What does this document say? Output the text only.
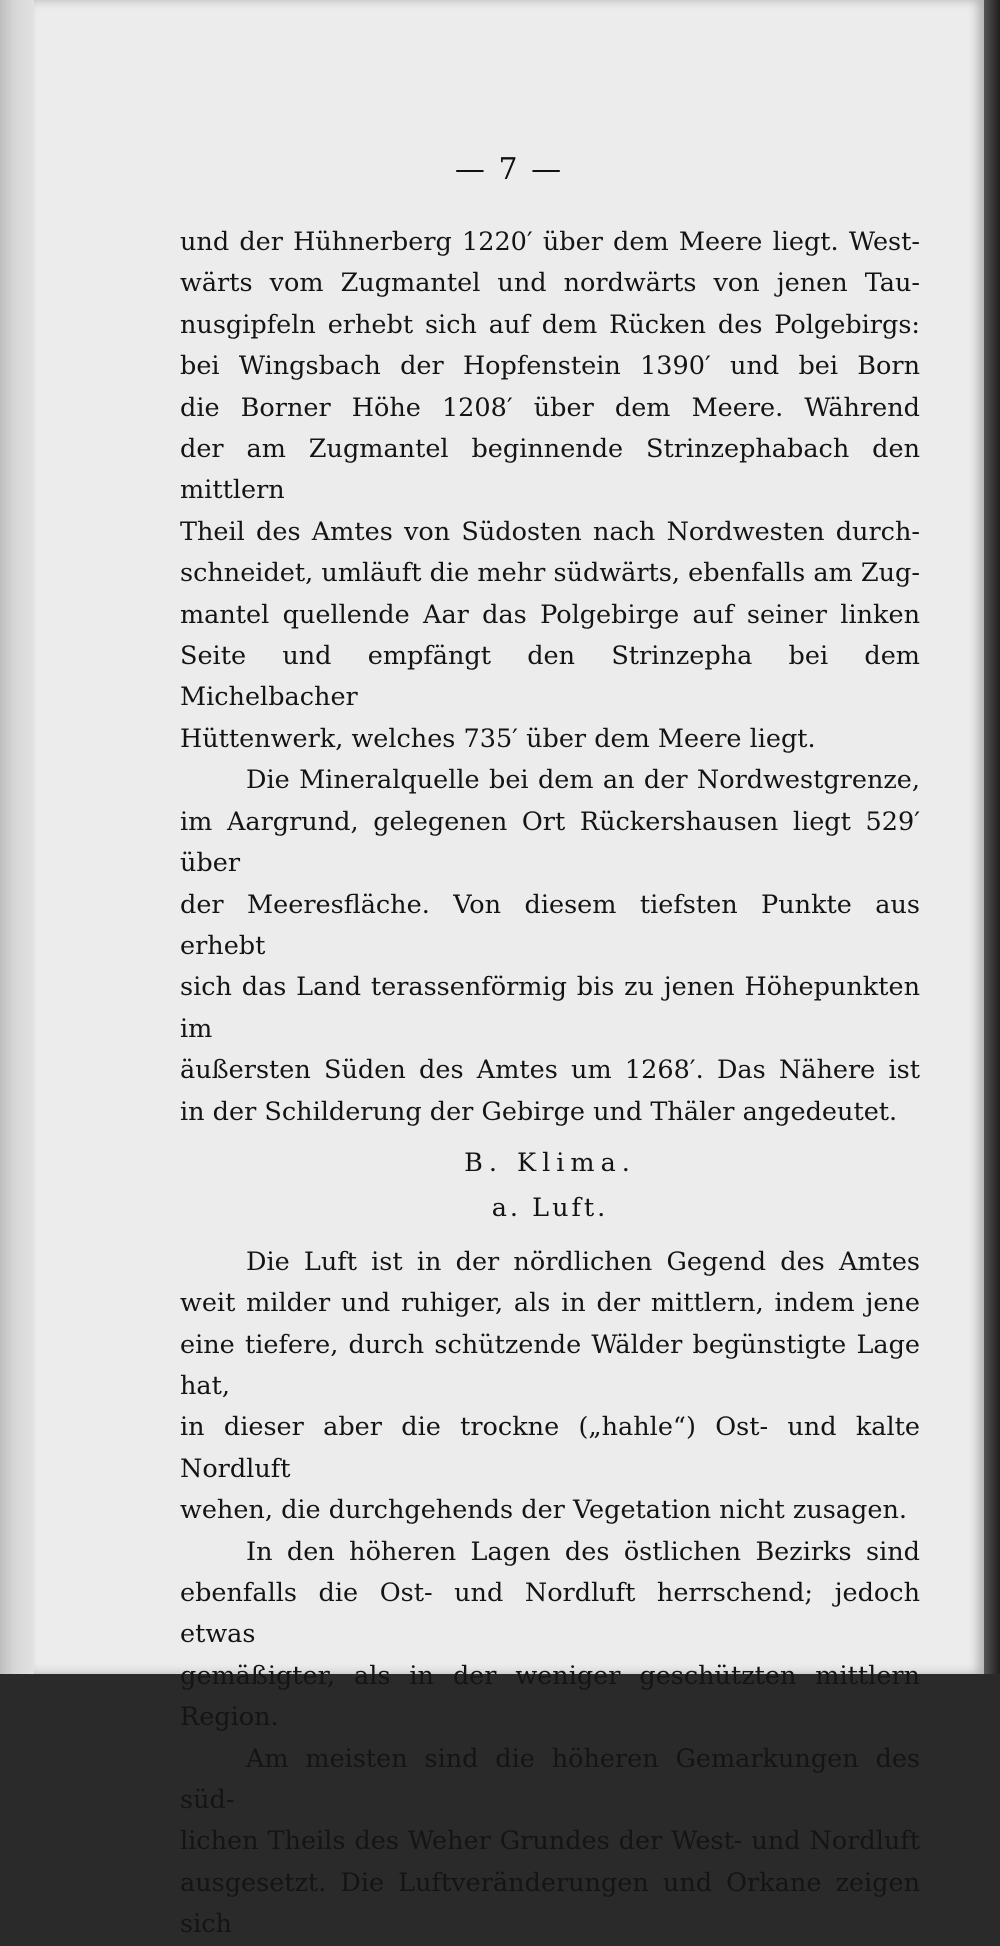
— 7 —

und der Hühnerberg 1220′ über dem Meere liegt. West-

wärts vom Zugmantel und nordwärts von jenen Tau-

nusgipfeln erhebt sich auf dem Rücken des Polgebirgs:

bei Wingsbach der Hopfenstein 1390′ und bei Born

die Borner Höhe 1208′ über dem Meere. Während

der am Zugmantel beginnende Strinzephabach den mittlern

Theil des Amtes von Südosten nach Nordwesten durch-

schneidet, umläuft die mehr südwärts, ebenfalls am Zug-

mantel quellende Aar das Polgebirge auf seiner linken

Seite und empfängt den Strinzepha bei dem Michelbacher

Hüttenwerk, welches 735′ über dem Meere liegt.

Die Mineralquelle bei dem an der Nordwestgrenze,

im Aargrund, gelegenen Ort Rückershausen liegt 529′ über

der Meeresfläche. Von diesem tiefsten Punkte aus erhebt

sich das Land terassenförmig bis zu jenen Höhepunkten im

äußersten Süden des Amtes um 1268′. Das Nähere ist

in der Schilderung der Gebirge und Thäler angedeutet.

B. Klima.

a. Luft.

Die Luft ist in der nördlichen Gegend des Amtes

weit milder und ruhiger, als in der mittlern, indem jene

eine tiefere, durch schützende Wälder begünstigte Lage hat,

in dieser aber die trockne („hahle“) Ost- und kalte Nordluft

wehen, die durchgehends der Vegetation nicht zusagen.

In den höheren Lagen des östlichen Bezirks sind

ebenfalls die Ost- und Nordluft herrschend; jedoch etwas

gemäßigter, als in der weniger geschützten mittlern Region.

Am meisten sind die höheren Gemarkungen des süd-

lichen Theils des Weher Grundes der West- und Nordluft

ausgesetzt. Die Luftveränderungen und Orkane zeigen sich
